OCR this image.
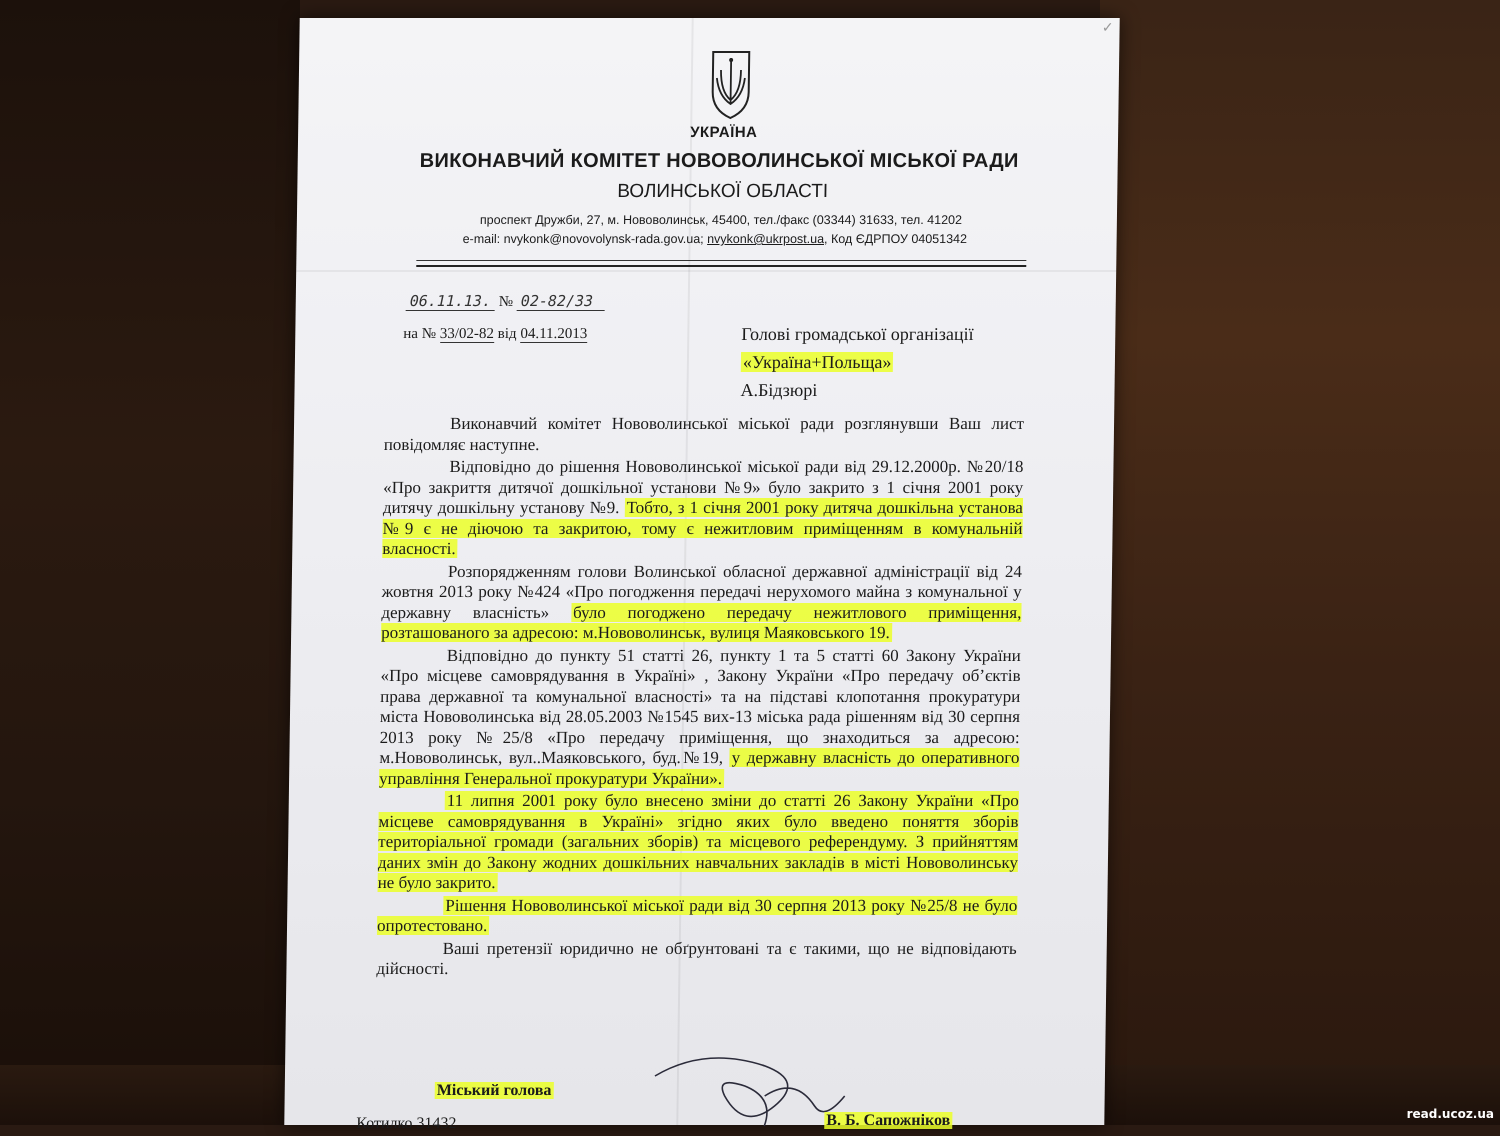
✓
УКРАЇНА
ВИКОНАВЧИЙ КОМІТЕТ НОВОВОЛИНСЬКОЇ МІСЬКОЇ РАДИ
ВОЛИНСЬКОЇ ОБЛАСТІ
проспект Дружби, 27, м. Нововолинськ, 45400, тел./факс (03344) 31633, тел. 41202
e-mail: nvykonk@novovolynsk-rada.gov.ua; nvykonk@ukrpost.ua, Код ЄДРПОУ 04051342
06.11.13. № 02-82/33
на № 33/02-82 від 04.11.2013	Голові громадської організації
«Україна+Польща»
А.Бідзюрі

Виконавчий комітет Нововолинської міської ради розглянувши Ваш лист повідомляє наступне.

Відповідно до рішення Нововолинської міської ради від 29.12.2000р. №20/18 «Про закриття дитячої дошкільної установи №9» було закрито з 1 січня 2001 року дитячу дошкільну установу №9. Тобто, з 1 січня 2001 року дитяча дошкільна установа №9 є не діючою та закритою, тому є нежитловим приміщенням в комунальній власності.

Розпорядженням голови Волинської обласної державної адміністрації від 24 жовтня 2013 року №424 «Про погодження передачі нерухомого майна з комунальної у державну власність» було погоджено передачу нежитлового приміщення, розташованого за адресою: м.Нововолинськ, вулиця Маяковського 19.

Відповідно до пункту 51 статті 26, пункту 1 та 5 статті 60 Закону України «Про місцеве самоврядування в Україні» , Закону України «Про передачу об’єктів права державної та комунальної власності» та на підставі клопотання прокуратури міста Нововолинська від 28.05.2003 №1545 вих-13 міська рада рішенням від 30 серпня 2013 року №25/8 «Про передачу приміщення, що знаходиться за адресою: м.Нововолинськ, вул..Маяковського, буд.№19, у державну власність до оперативного управління Генеральної прокуратури України».

11 липня 2001 року було внесено зміни до статті 26 Закону України «Про місцеве самоврядування в Україні» згідно яких було введено поняття зборів територіальної громади (загальних зборів) та місцевого референдуму. З прийняттям даних змін до Закону жодних дошкільних навчальних закладів в місті Нововолинську не було закрито.

Рішення Нововолинської міської ради від 30 серпня 2013 року №25/8 не було опротестовано.

Ваші претензії юридично не обґрунтовані та є такими, що не відповідають дійсності.

Міський голова
В. Б. Сапожніков
Котилко 31432
read.ucoz.ua
